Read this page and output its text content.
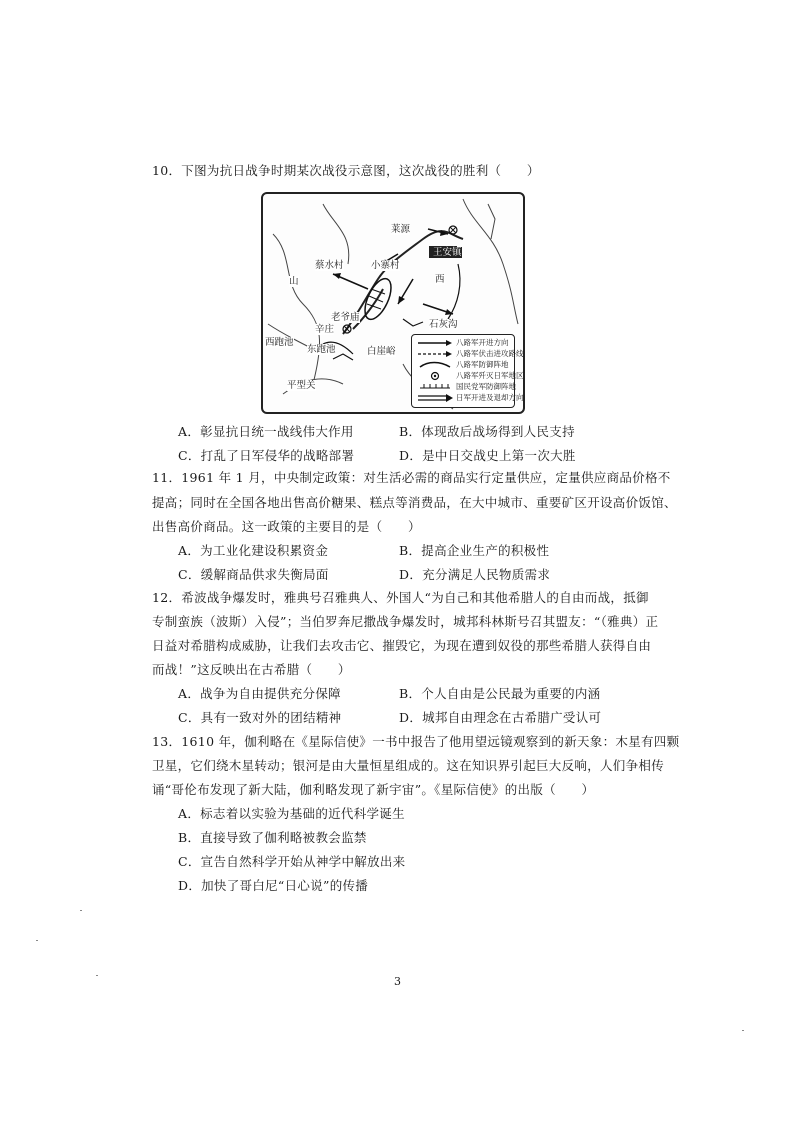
10．下图为抗日战争时期某次战役示意图，这次战役的胜利（　　）
莱源
王安镇
蔡水村	小寨村
山	西
老爷庙
辛庄	石灰沟
西跑池
东跑池	白崖峪
平型关
八路军开进方向
八路军伏击进攻路线
八路军防御阵地
八路军歼灭日军地区
国民党军防御阵地
日军开进及退却方向
A．彰显抗日统一战线伟大作用	B．体现敌后战场得到人民支持
C．打乱了日军侵华的战略部署	D．是中日交战史上第一次大胜
11．1961 年 1 月，中央制定政策：对生活必需的商品实行定量供应，定量供应商品价格不
提高；同时在全国各地出售高价糖果、糕点等消费品，在大中城市、重要矿区开设高价饭馆、
出售高价商品。这一政策的主要目的是（　　）
A．为工业化建设积累资金	B．提高企业生产的积极性
C．缓解商品供求失衡局面	D．充分满足人民物质需求
12．希波战争爆发时，雅典号召雅典人、外国人“为自己和其他希腊人的自由而战，抵御
专制蛮族（波斯）入侵”；当伯罗奔尼撒战争爆发时，城邦科林斯号召其盟友：“（雅典）正
日益对希腊构成威胁，让我们去攻击它、摧毁它，为现在遭到奴役的那些希腊人获得自由
而战！”这反映出在古希腊（　　）
A．战争为自由提供充分保障	B．个人自由是公民最为重要的内涵
C．具有一致对外的团结精神	D．城邦自由理念在古希腊广受认可
13．1610 年，伽利略在《星际信使》一书中报告了他用望远镜观察到的新天象：木星有四颗
卫星，它们绕木星转动；银河是由大量恒星组成的。这在知识界引起巨大反响，人们争相传
诵“哥伦布发现了新大陆，伽利略发现了新宇宙”。《星际信使》的出版（　　）
A．标志着以实验为基础的近代科学诞生
B．直接导致了伽利略被教会监禁
C．宣告自然科学开始从神学中解放出来
D．加快了哥白尼“日心说”的传播
3
